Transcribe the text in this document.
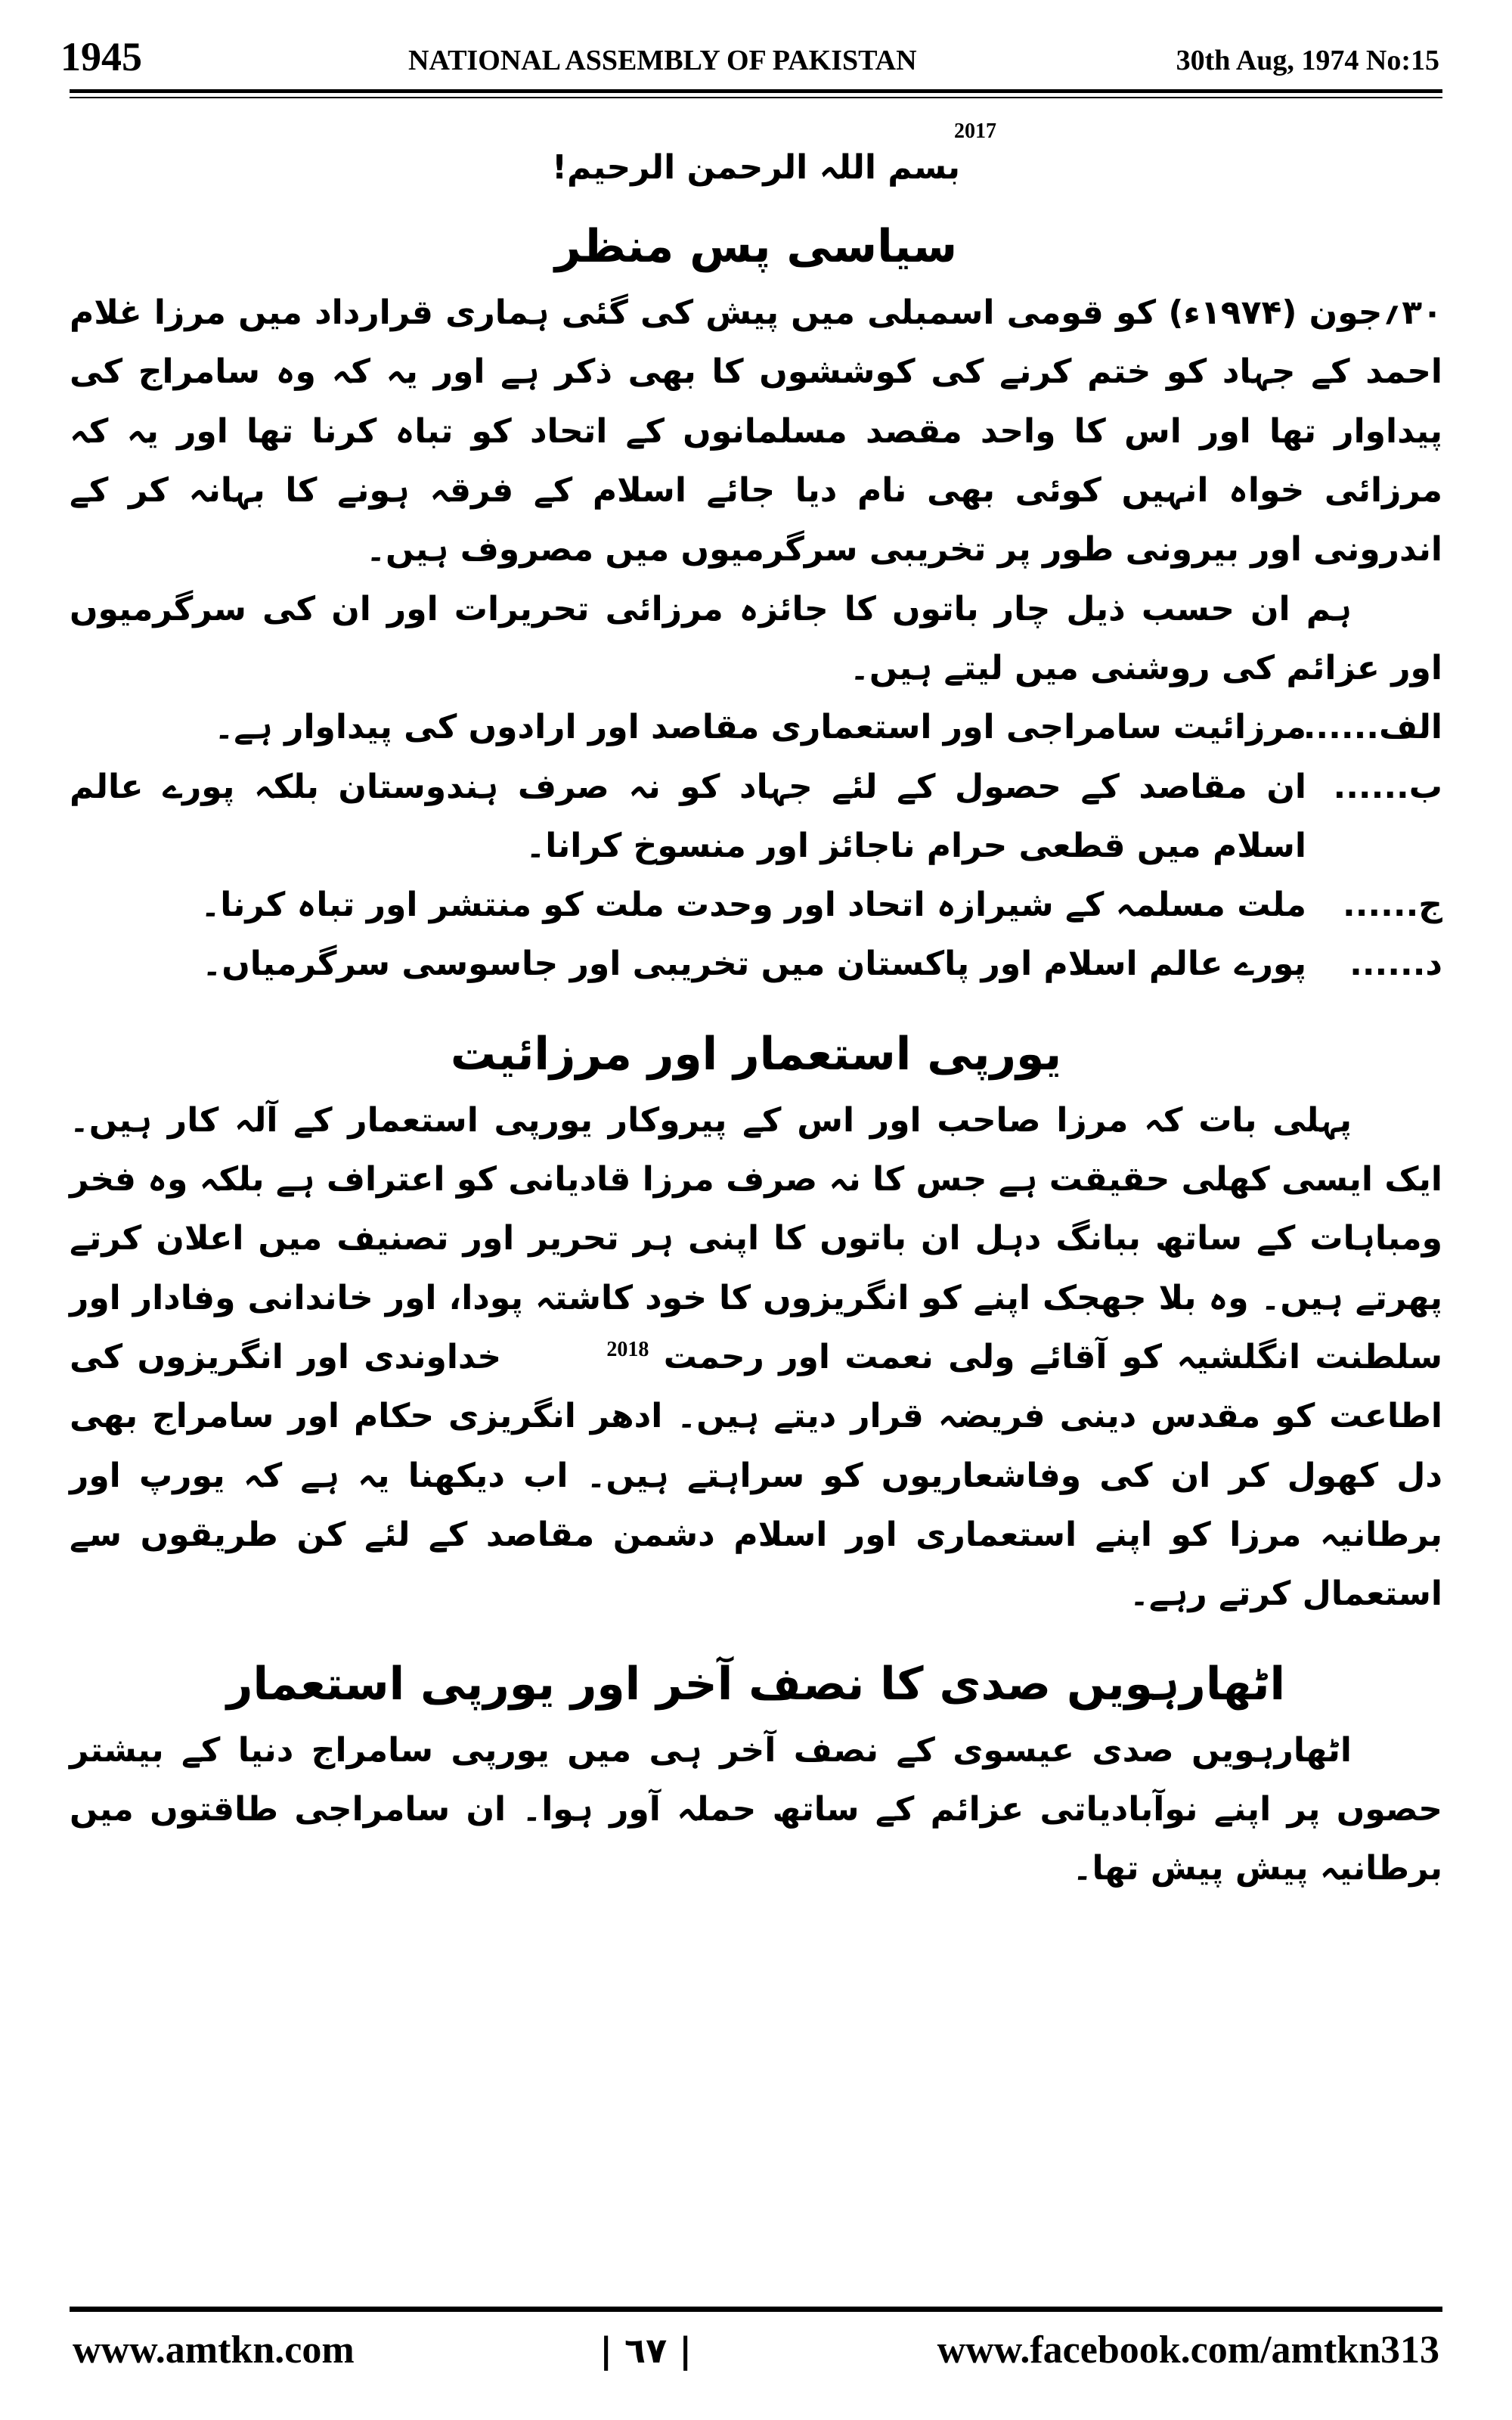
1945	NATIONAL ASSEMBLY OF PAKISTAN	30th Aug, 1974 No:15
2017
بسم اللہ الرحمن الرحیم!
سیاسی پس منظر

۳۰؍جون (۱۹۷۴ء) کو قومی اسمبلی میں پیش کی گئی ہماری قرارداد میں مرزا غلام احمد کے جہاد کو ختم کرنے کی کوششوں کا بھی ذکر ہے اور یہ کہ وہ سامراج کی پیداوار تھا اور اس کا واحد مقصد مسلمانوں کے اتحاد کو تباہ کرنا تھا اور یہ کہ مرزائی خواہ انہیں کوئی بھی نام دیا جائے اسلام کے فرقہ ہونے کا بہانہ کر کے اندرونی اور بیرونی طور پر تخریبی سرگرمیوں میں مصروف ہیں۔

ہم ان حسب ذیل چار باتوں کا جائزہ مرزائی تحریرات اور ان کی سرگرمیوں اور عزائم کی روشنی میں لیتے ہیں۔

الف......
مرزائیت سامراجی اور استعماری مقاصد اور ارادوں کی پیداوار ہے۔
ب......
ان مقاصد کے حصول کے لئے جہاد کو نہ صرف ہندوستان بلکہ پورے عالم اسلام میں قطعی حرام ناجائز اور منسوخ کرانا۔
ج......
ملت مسلمہ کے شیرازہ اتحاد اور وحدت ملت کو منتشر اور تباہ کرنا۔
د......
پورے عالم اسلام اور پاکستان میں تخریبی اور جاسوسی سرگرمیاں۔
یورپی استعمار اور مرزائیت

پہلی بات کہ مرزا صاحب اور اس کے پیروکار یورپی استعمار کے آلہ کار ہیں۔ ایک ایسی کھلی حقیقت ہے جس کا نہ صرف مرزا قادیانی کو اعتراف ہے بلکہ وہ فخر ومباہات کے ساتھ ببانگ دہل ان باتوں کا اپنی ہر تحریر اور تصنیف میں اعلان کرتے پھرتے ہیں۔ وہ بلا جھجک اپنے کو انگریزوں کا خود کاشتہ پودا، اور خاندانی وفادار اور سلطنت انگلشیہ کو آقائے ولی نعمت اور رحمت 2018 خداوندی اور انگریزوں کی اطاعت کو مقدس دینی فریضہ قرار دیتے ہیں۔ ادھر انگریزی حکام اور سامراج بھی دل کھول کر ان کی وفاشعاریوں کو سراہتے ہیں۔ اب دیکھنا یہ ہے کہ یورپ اور برطانیہ مرزا کو اپنے استعماری اور اسلام دشمن مقاصد کے لئے کن طریقوں سے استعمال کرتے رہے۔

اٹھارہویں صدی کا نصف آخر اور یورپی استعمار

اٹھارہویں صدی عیسوی کے نصف آخر ہی میں یورپی سامراج دنیا کے بیشتر حصوں پر اپنے نوآبادیاتی عزائم کے ساتھ حملہ آور ہوا۔ ان سامراجی طاقتوں میں برطانیہ پیش پیش تھا۔

www.amtkn.com	| ٦٧ |	www.facebook.com/amtkn313
